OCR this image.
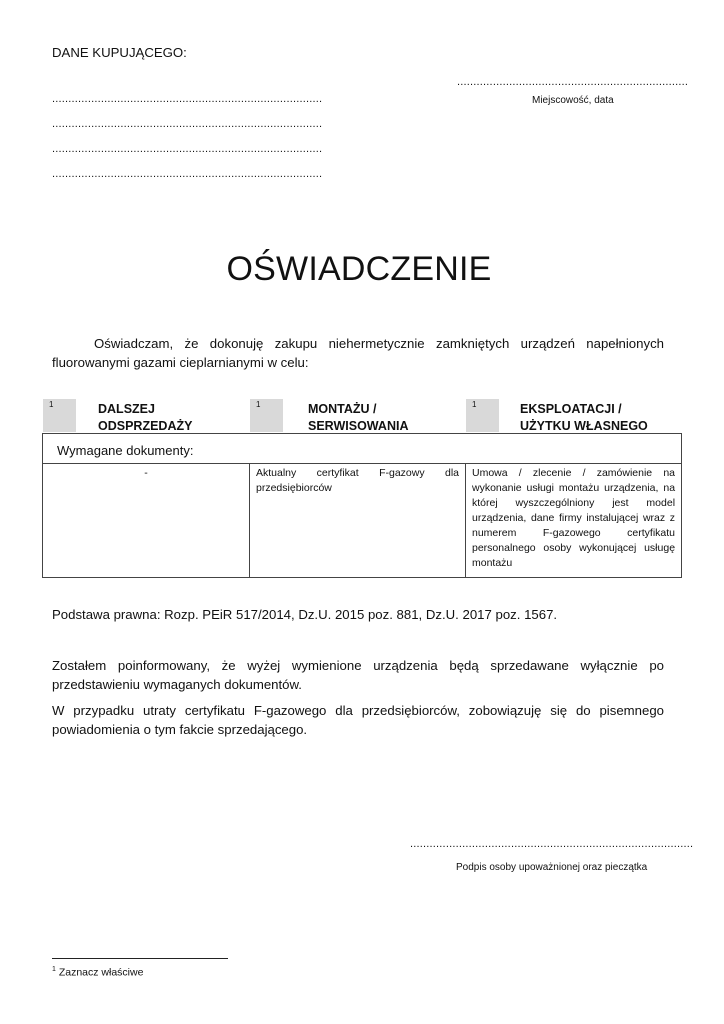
DANE KUPUJĄCEGO:
...................................................................................
...................................................................................
...................................................................................
...................................................................................
.......................................................................
Miejscowość, data
OŚWIADCZENIE
Oświadczam, że dokonuję zakupu niehermetycznie zamkniętych urządzeń napełnionych fluorowanymi gazami cieplarnianymi w celu:
1	DALSZEJ
ODSPRZEDAŻY
1	MONTAŻU /
SERWISOWANIA
1	EKSPLOATACJI /
UŻYTKU WŁASNEGO
Wymagane dokumenty:
-	Aktualny certyfikat F-gazowy dla przedsiębiorców	Umowa / zlecenie / zamówienie na wykonanie usługi montażu urządzenia, na której wyszczególniony jest model urządzenia, dane firmy instalującej wraz z numerem F-gazowego certyfikatu personalnego osoby wykonującej usługę montażu
Podstawa prawna: Rozp. PEiR 517/2014, Dz.U. 2015 poz. 881, Dz.U. 2017 poz. 1567.
Zostałem poinformowany, że wyżej wymienione urządzenia będą sprzedawane wyłącznie po przedstawieniu wymaganych dokumentów.
W przypadku utraty certyfikatu F-gazowego dla przedsiębiorców, zobowiązuję się do pisemnego powiadomienia o tym fakcie sprzedającego.
.......................................................................................
Podpis osoby upoważnionej oraz pieczątka
$^1$ Zaznacz właściwe
